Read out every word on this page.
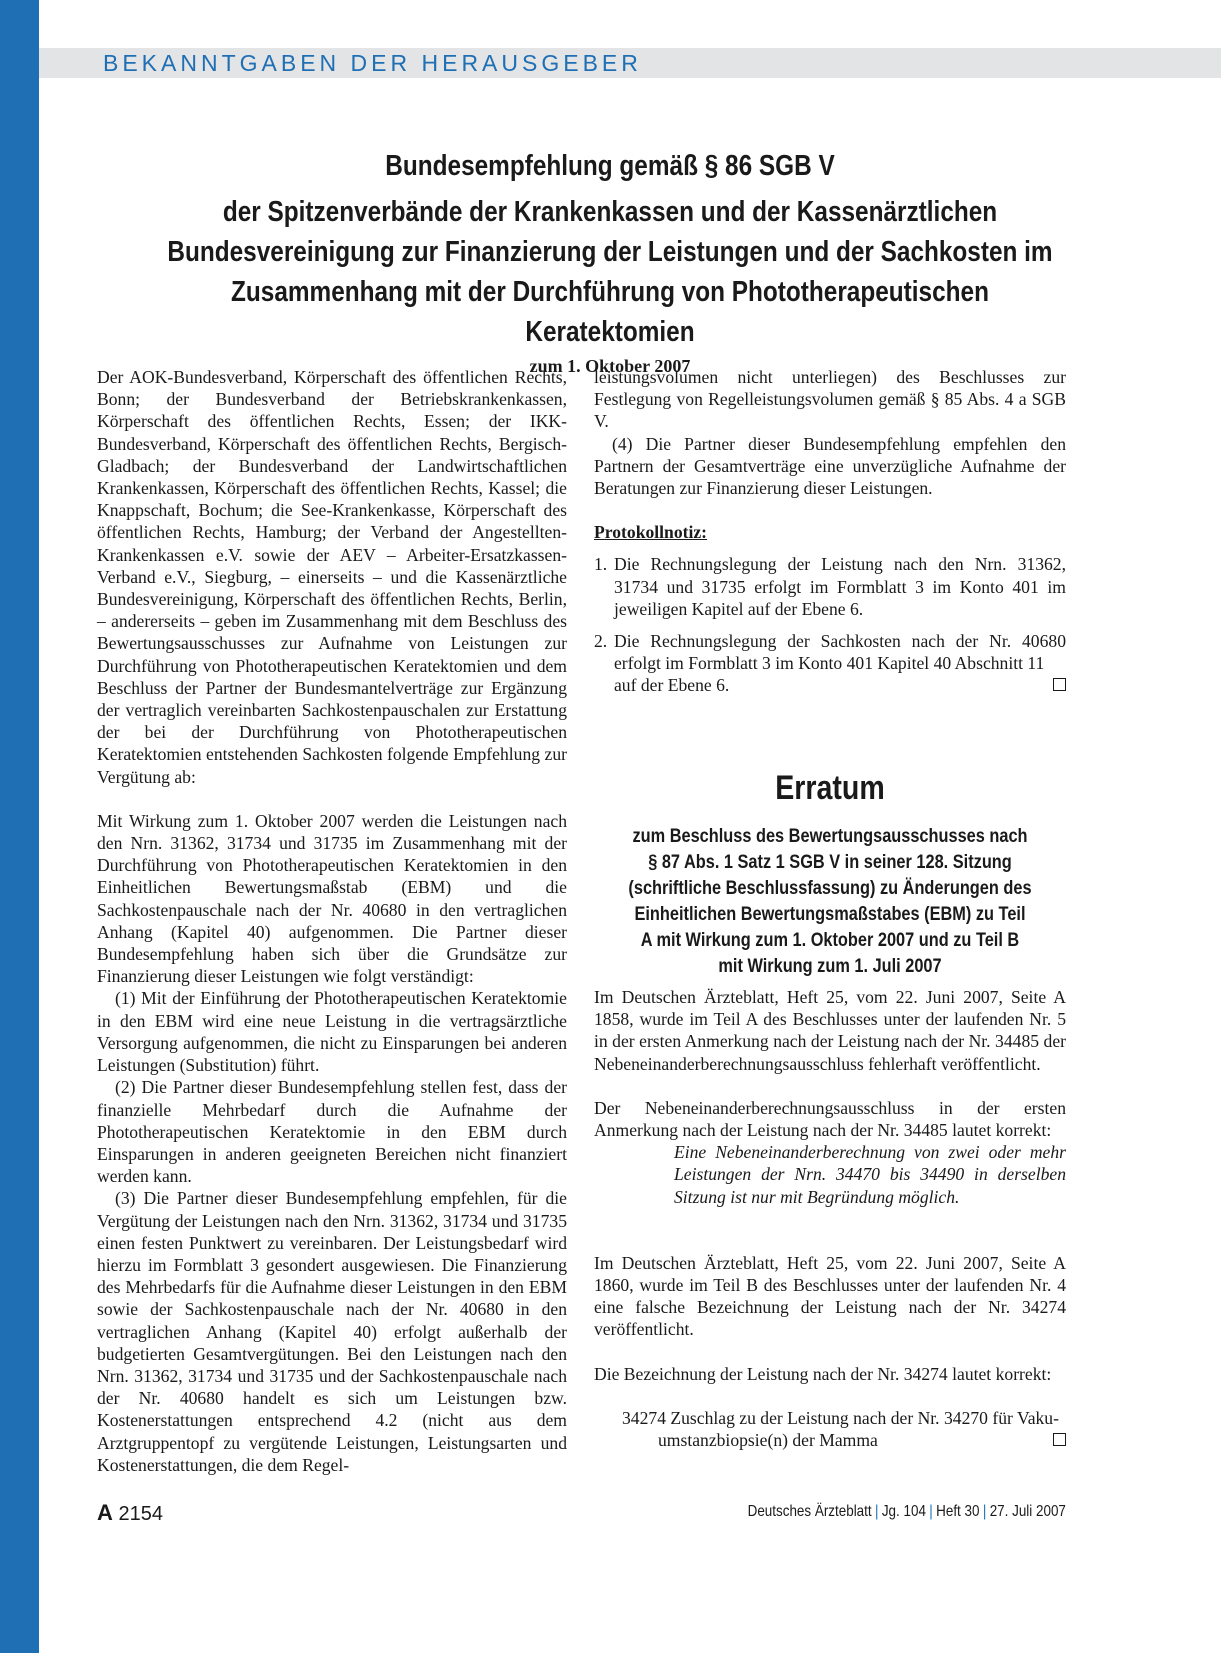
BEKANNTGABEN DER HERAUSGEBER
Bundesempfehlung gemäß § 86 SGB V
der Spitzenverbände der Krankenkassen und der Kassenärztlichen Bundesvereinigung zur Finanzierung der Leistungen und der Sachkosten im Zusammenhang mit der Durchführung von Phototherapeutischen Keratektomien
zum 1. Oktober 2007

Der AOK-Bundesverband, Körperschaft des öffentlichen Rechts, Bonn; der Bundesverband der Betriebskrankenkassen, Körperschaft des öffentlichen Rechts, Essen; der IKK-Bundesverband, Körperschaft des öffentlichen Rechts, Bergisch-Gladbach; der Bundesverband der Landwirtschaftlichen Krankenkassen, Körperschaft des öffentlichen Rechts, Kassel; die Knappschaft, Bochum; die See-Krankenkasse, Körperschaft des öffentlichen Rechts, Hamburg; der Verband der Angestellten-Krankenkassen e.V. sowie der AEV – Arbeiter-Ersatzkassen-Verband e.V., Siegburg, – einerseits – und die Kassenärztliche Bundesvereinigung, Körperschaft des öffentlichen Rechts, Berlin, – andererseits – geben im Zusammenhang mit dem Beschluss des Bewertungsausschusses zur Aufnahme von Leistungen zur Durchführung von Phototherapeutischen Keratektomien und dem Beschluss der Partner der Bundesmantelverträge zur Ergänzung der vertraglich vereinbarten Sachkostenpauschalen zur Erstattung der bei der Durchführung von Phototherapeutischen Keratektomien entstehenden Sachkosten folgende Empfehlung zur Vergütung ab:

Mit Wirkung zum 1. Oktober 2007 werden die Leistungen nach den Nrn. 31362, 31734 und 31735 im Zusammenhang mit der Durchführung von Phototherapeutischen Keratektomien in den Einheitlichen Bewertungsmaßstab (EBM) und die Sachkostenpauschale nach der Nr. 40680 in den vertraglichen Anhang (Kapitel 40) aufgenommen. Die Partner dieser Bundesempfehlung haben sich über die Grundsätze zur Finanzierung dieser Leistungen wie folgt verständigt:

(1) Mit der Einführung der Phototherapeutischen Keratektomie in den EBM wird eine neue Leistung in die vertragsärztliche Versorgung aufgenommen, die nicht zu Einsparungen bei anderen Leistungen (Substitution) führt.

(2) Die Partner dieser Bundesempfehlung stellen fest, dass der finanzielle Mehrbedarf durch die Aufnahme der Phototherapeutischen Keratektomie in den EBM durch Einsparungen in anderen geeigneten Bereichen nicht finanziert werden kann.

(3) Die Partner dieser Bundesempfehlung empfehlen, für die Vergütung der Leistungen nach den Nrn. 31362, 31734 und 31735 einen festen Punktwert zu vereinbaren. Der Leistungsbedarf wird hierzu im Formblatt 3 gesondert ausgewiesen. Die Finanzierung des Mehrbedarfs für die Aufnahme dieser Leistungen in den EBM sowie der Sachkostenpauschale nach der Nr. 40680 in den vertraglichen Anhang (Kapitel 40) erfolgt außerhalb der budgetierten Gesamtvergütungen. Bei den Leistungen nach den Nrn. 31362, 31734 und 31735 und der Sachkostenpauschale nach der Nr. 40680 handelt es sich um Leistungen bzw. Kostenerstattungen entsprechend 4.2 (nicht aus dem Arztgruppentopf zu vergütende Leistungen, Leistungsarten und Kostenerstattungen, die dem Regel-

leistungsvolumen nicht unterliegen) des Beschlusses zur Festlegung von Regelleistungsvolumen gemäß § 85 Abs. 4 a SGB V.

(4) Die Partner dieser Bundesempfehlung empfehlen den Partnern der Gesamtverträge eine unverzügliche Aufnahme der Beratungen zur Finanzierung dieser Leistungen.

Protokollnotiz:

1. Die Rechnungslegung der Leistung nach den Nrn. 31362, 31734 und 31735 erfolgt im Formblatt 3 im Konto 401 im jeweiligen Kapitel auf der Ebene 6.

2. Die Rechnungslegung der Sachkosten nach der Nr. 40680 erfolgt im Formblatt 3 im Konto 401 Kapitel 40 Abschnitt 11
auf der Ebene 6.

Erratum
zum Beschluss des Bewertungsausschusses nach § 87 Abs. 1 Satz 1 SGB V in seiner 128. Sitzung (schriftliche Beschlussfassung) zu Änderungen des Einheitlichen Bewertungsmaßstabes (EBM) zu Teil A mit Wirkung zum 1. Oktober 2007 und zu Teil B mit Wirkung zum 1. Juli 2007

Im Deutschen Ärzteblatt, Heft 25, vom 22. Juni 2007, Seite A 1858, wurde im Teil A des Beschlusses unter der laufenden Nr. 5 in der ersten Anmerkung nach der Leistung nach der Nr. 34485 der Nebeneinanderberechnungsausschluss fehlerhaft veröffentlicht.

Der Nebeneinanderberechnungsausschluss in der ersten Anmerkung nach der Leistung nach der Nr. 34485 lautet korrekt:

Eine Nebeneinanderberechnung von zwei oder mehr Leistungen der Nrn. 34470 bis 34490 in derselben Sitzung ist nur mit Begründung möglich.

Im Deutschen Ärzteblatt, Heft 25, vom 22. Juni 2007, Seite A 1860, wurde im Teil B des Beschlusses unter der laufenden Nr. 4 eine falsche Bezeichnung der Leistung nach der Nr. 34274 veröffentlicht.

Die Bezeichnung der Leistung nach der Nr. 34274 lautet korrekt:

34274 Zuschlag zu der Leistung nach der Nr. 34270 für Vaku-

umstanzbiopsie(n) der Mamma

A 2154	Deutsches Ärzteblatt | Jg. 104 | Heft 30 | 27. Juli 2007
